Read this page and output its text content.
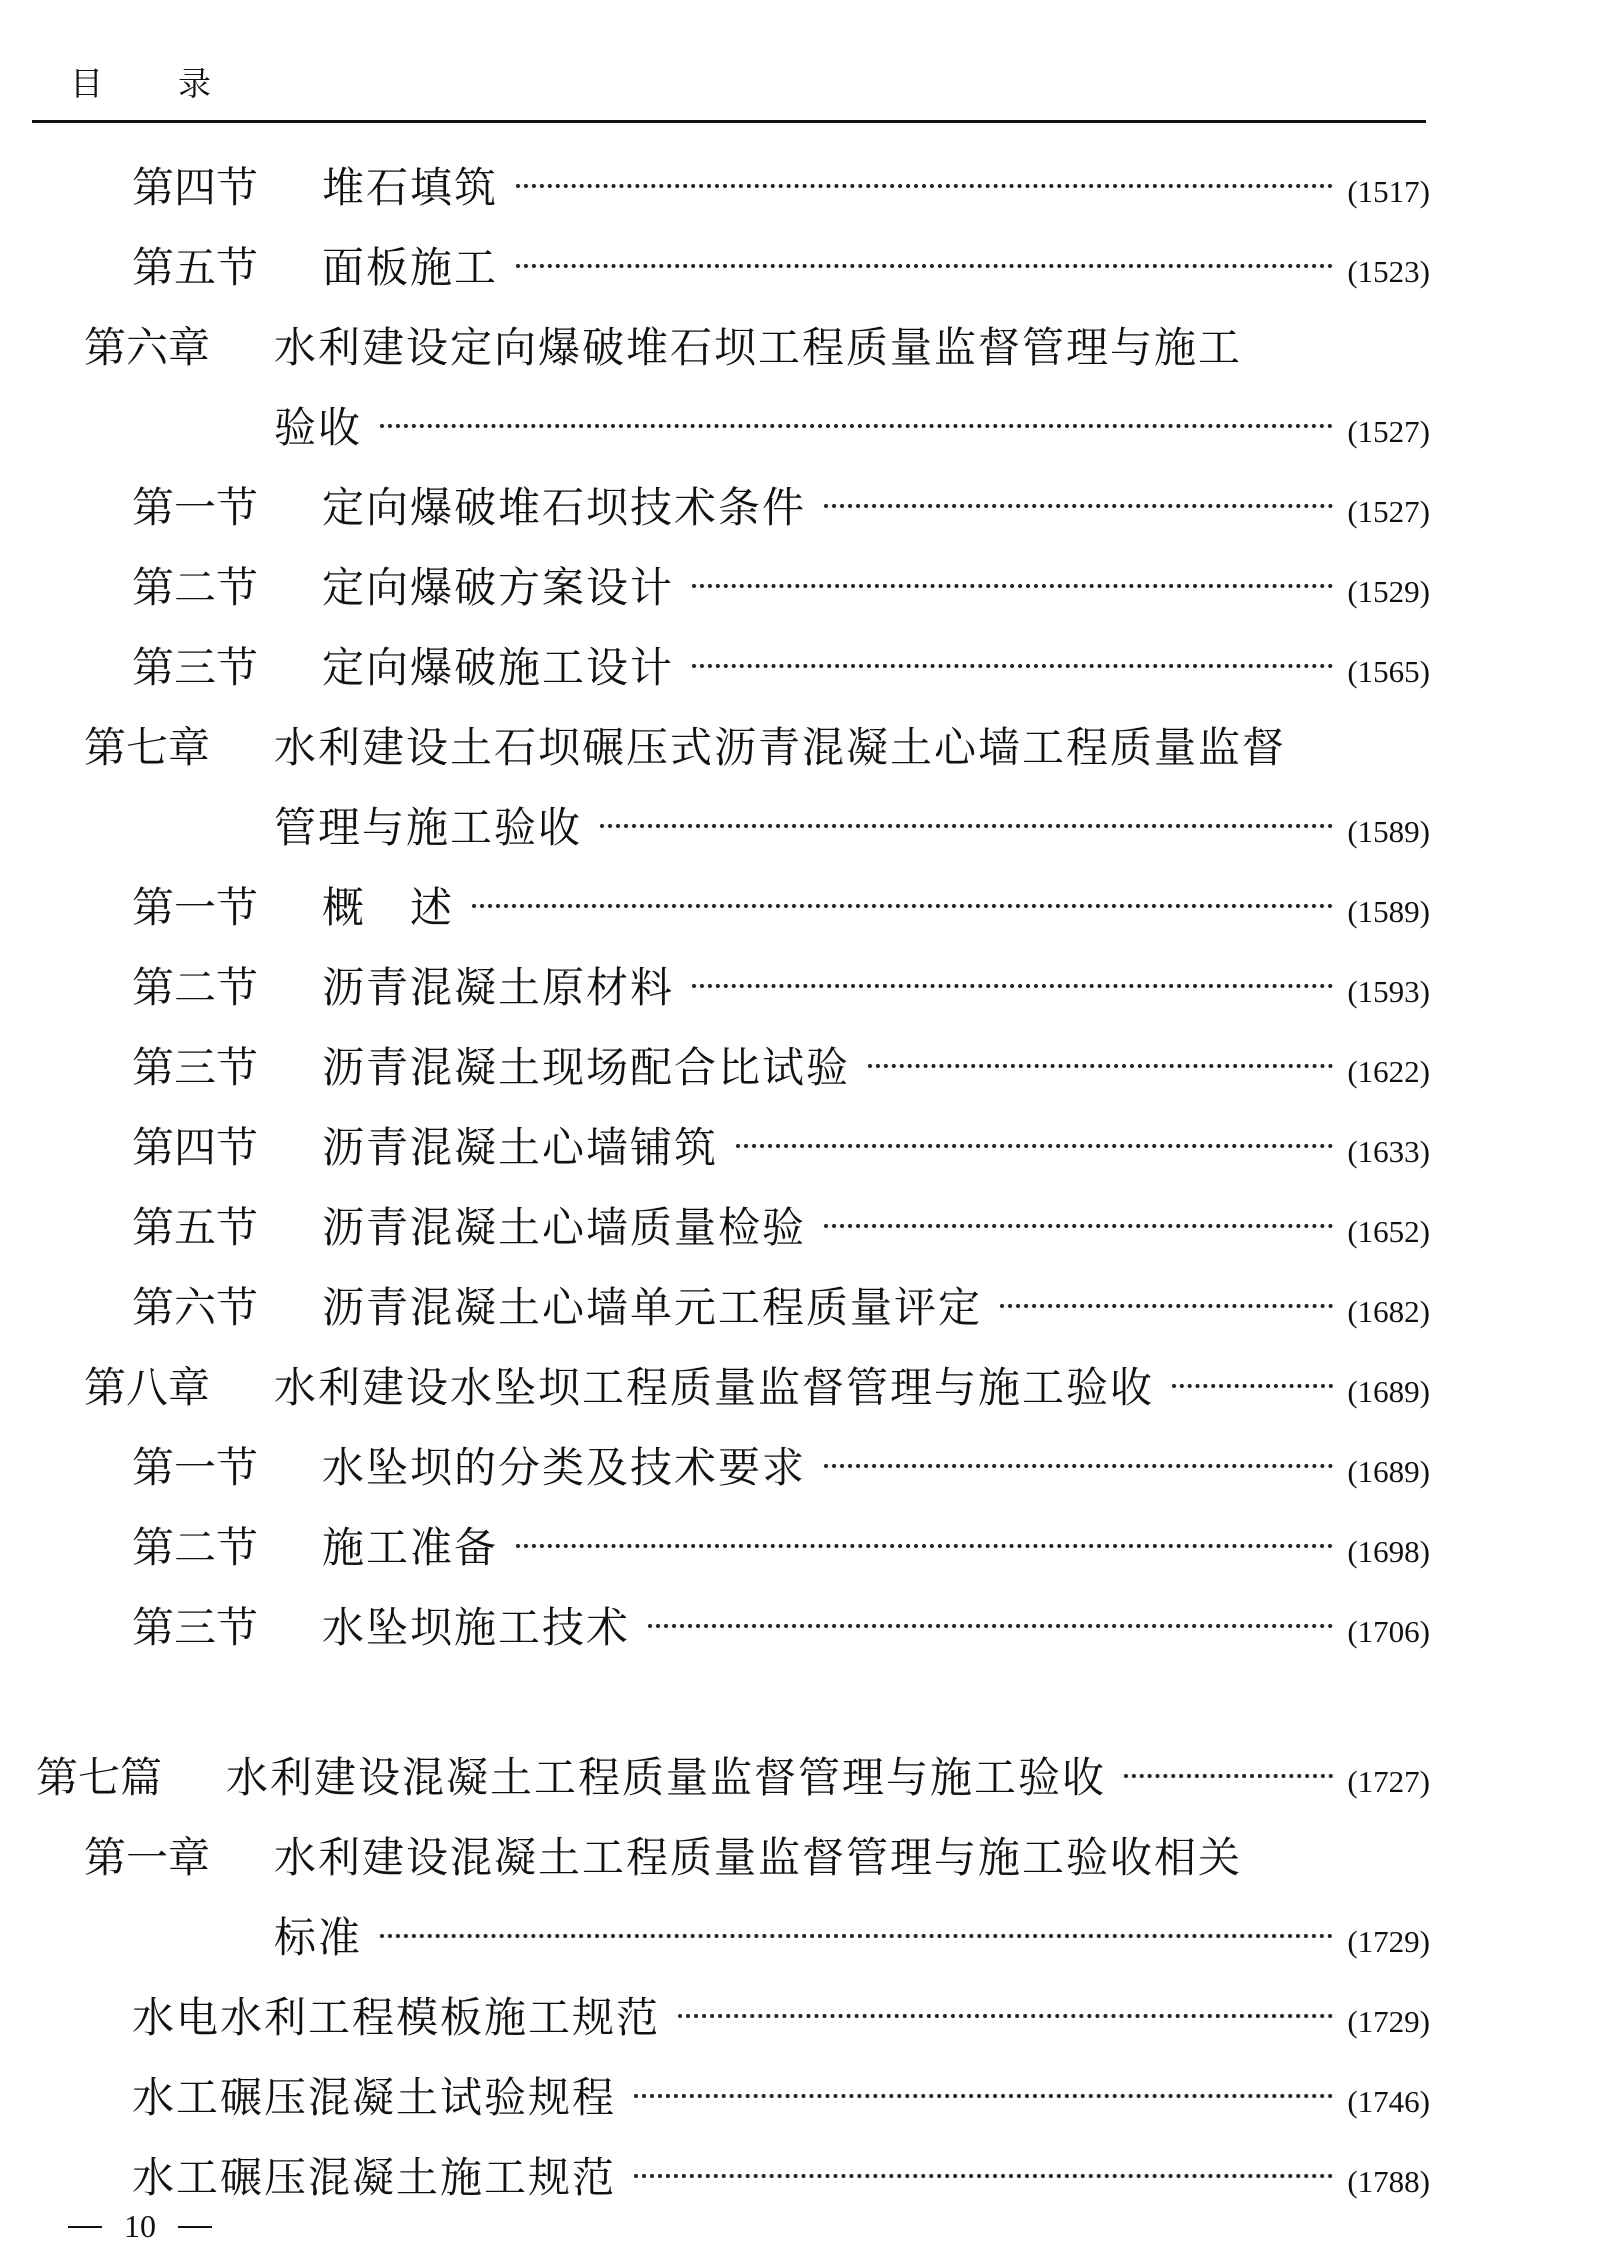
目 录
第四节	堆石填筑	(1517)
第五节	面板施工	(1523)
第六章	水利建设定向爆破堆石坝工程质量监督管理与施工
验收	(1527)
第一节	定向爆破堆石坝技术条件	(1527)
第二节	定向爆破方案设计	(1529)
第三节	定向爆破施工设计	(1565)
第七章	水利建设土石坝碾压式沥青混凝土心墙工程质量监督
管理与施工验收	(1589)
第一节	概　述	(1589)
第二节	沥青混凝土原材料	(1593)
第三节	沥青混凝土现场配合比试验	(1622)
第四节	沥青混凝土心墙铺筑	(1633)
第五节	沥青混凝土心墙质量检验	(1652)
第六节	沥青混凝土心墙单元工程质量评定	(1682)
第八章	水利建设水坠坝工程质量监督管理与施工验收	(1689)
第一节	水坠坝的分类及技术要求	(1689)
第二节	施工准备	(1698)
第三节	水坠坝施工技术	(1706)
第七篇	水利建设混凝土工程质量监督管理与施工验收	(1727)
第一章	水利建设混凝土工程质量监督管理与施工验收相关
标准	(1729)
水电水利工程模板施工规范	(1729)
水工碾压混凝土试验规程	(1746)
水工碾压混凝土施工规范	(1788)
10
